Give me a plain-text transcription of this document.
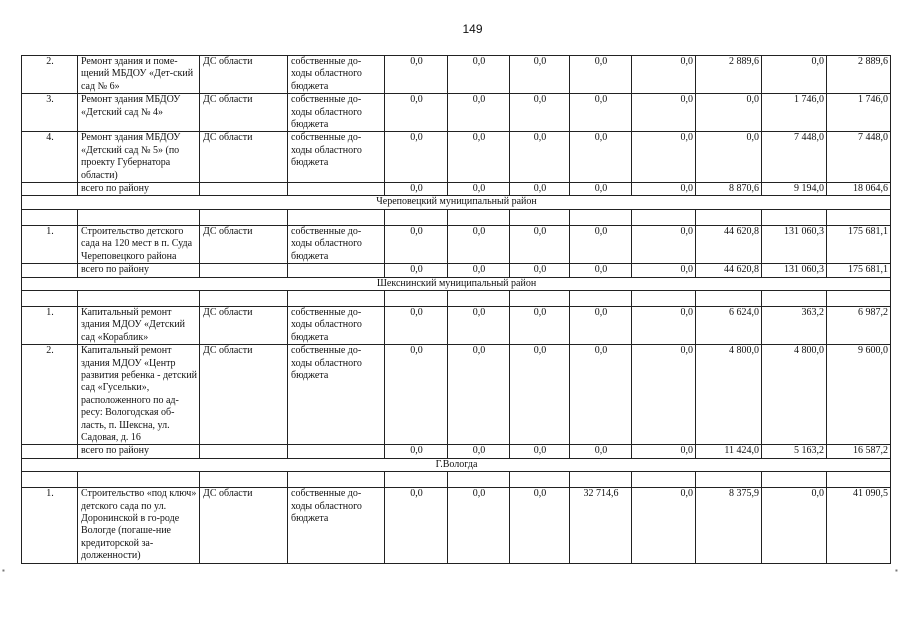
149
2.	Ремонт здания и поме-щений МБДОУ «Дет-ский сад № 6»	ДС области	собственные до-ходы областного бюджета	0,0	0,0	0,0	0,0	0,0	2 889,6	0,0	2 889,6
3.	Ремонт здания МБДОУ «Детский сад № 4»	ДС области	собственные до-ходы областного бюджета	0,0	0,0	0,0	0,0	0,0	0,0	1 746,0	1 746,0
4.	Ремонт здания МБДОУ «Детский сад № 5» (по проекту Губернатора области)	ДС области	собственные до-ходы областного бюджета	0,0	0,0	0,0	0,0	0,0	0,0	7 448,0	7 448,0
	всего по району			0,0	0,0	0,0	0,0	0,0	8 870,6	9 194,0	18 064,6
Череповецкий муниципальный район											

1.	Строительство детского сада на 120 мест в п. Суда Череповецкого района	ДС области	собственные до-ходы областного бюджета	0,0	0,0	0,0	0,0	0,0	44 620,8	131 060,3	175 681,1
	всего по району			0,0	0,0	0,0	0,0	0,0	44 620,8	131 060,3	175 681,1
Шекснинский муниципальный район											

1.	Капитальный ремонт здания МДОУ «Детский сад «Кораблик»	ДС области	собственные до-ходы областного бюджета	0,0	0,0	0,0	0,0	0,0	6 624,0	363,2	6 987,2
2.	Капитальный ремонт здания МДОУ «Центр развития ребенка - детский сад «Гусельки», расположенного по ад-ресу: Вологодская об-ласть, п. Шексна, ул. Садовая, д. 16	ДС области	собственные до-ходы областного бюджета	0,0	0,0	0,0	0,0	0,0	4 800,0	4 800,0	9 600,0
	всего по району			0,0	0,0	0,0	0,0	0,0	11 424,0	5 163,2	16 587,2
Г.Вологда											

1.	Строительство «под ключ» детского сада по ул. Доронинской в го-роде Вологде (погаше-ние кредиторской за-долженности)	ДС области	собственные до-ходы областного бюджета	0,0	0,0	0,0	32 714,6	0,0	8 375,9	0,0	41 090,5
▪	▪
